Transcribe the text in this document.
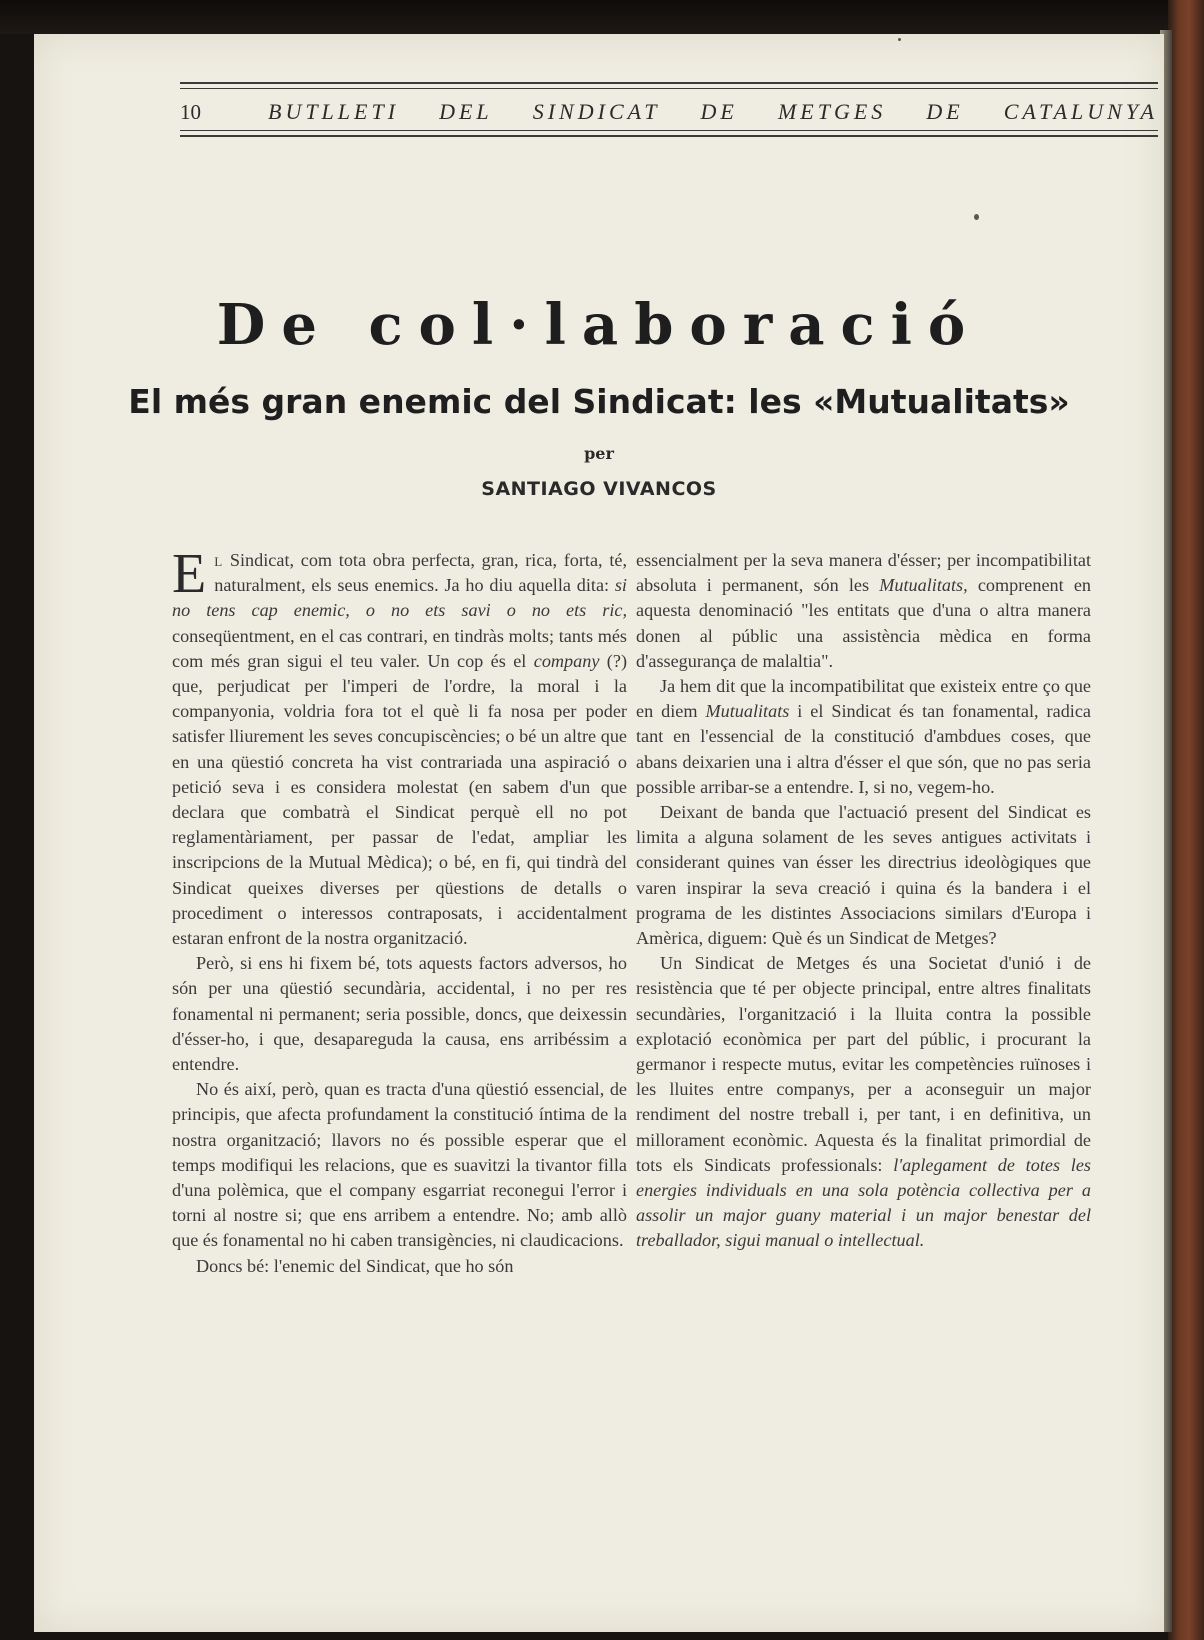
10	BUTLLETI DEL SINDICAT DE METGES DE CATALUNYA
De col·laboració
El més gran enemic del Sindicat: les «Mutualitats»
per
SANTIAGO VIVANCOS

El Sindicat, com tota obra perfecta, gran, rica, forta, té, naturalment, els seus enemics. Ja ho diu aquella dita: si no tens cap enemic, o no ets savi o no ets ric, conseqüentment, en el cas contrari, en tindràs molts; tants més com més gran sigui el teu valer. Un cop és el company (?) que, perjudicat per l'imperi de l'ordre, la moral i la companyonia, voldria fora tot el què li fa nosa per poder satisfer lliurement les seves concupiscències; o bé un altre que en una qüestió concreta ha vist contrariada una aspiració o petició seva i es considera molestat (en sabem d'un que declara que combatrà el Sindicat perquè ell no pot reglamentàriament, per passar de l'edat, ampliar les inscripcions de la Mutual Mèdica); o bé, en fi, qui tindrà del Sindicat queixes diverses per qüestions de detalls o procediment o interessos contraposats, i accidentalment estaran enfront de la nostra organització.

Però, si ens hi fixem bé, tots aquests factors adversos, ho són per una qüestió secundària, accidental, i no per res fonamental ni permanent; seria possible, doncs, que deixessin d'ésser-ho, i que, desapareguda la causa, ens arribéssim a entendre.

No és així, però, quan es tracta d'una qüestió essencial, de principis, que afecta profundament la constitució íntima de la nostra organització; llavors no és possible esperar que el temps modifiqui les relacions, que es suavitzi la tivantor filla d'una polèmica, que el company esgarriat reconegui l'error i torni al nostre si; que ens arribem a entendre. No; amb allò que és fonamental no hi caben transigències, ni claudicacions.

Doncs bé: l'enemic del Sindicat, que ho són

essencialment per la seva manera d'ésser; per incompatibilitat absoluta i permanent, són les Mutualitats, comprenent en aquesta denominació "les entitats que d'una o altra manera donen al públic una assistència mèdica en forma d'assegurança de malaltia".

Ja hem dit que la incompatibilitat que existeix entre ço que en diem Mutualitats i el Sindicat és tan fonamental, radica tant en l'essencial de la constitució d'ambdues coses, que abans deixarien una i altra d'ésser el que són, que no pas seria possible arribar-se a entendre. I, si no, vegem-ho.

Deixant de banda que l'actuació present del Sindicat es limita a alguna solament de les seves antigues activitats i considerant quines van ésser les directrius ideològiques que varen inspirar la seva creació i quina és la bandera i el programa de les distintes Associacions similars d'Europa i Amèrica, diguem: Què és un Sindicat de Metges?

Un Sindicat de Metges és una Societat d'unió i de resistència que té per objecte principal, entre altres finalitats secundàries, l'organització i la lluita contra la possible explotació econòmica per part del públic, i procurant la germanor i respecte mutus, evitar les competències ruïnoses i les lluites entre companys, per a aconseguir un major rendiment del nostre treball i, per tant, i en definitiva, un millorament econòmic. Aquesta és la finalitat primordial de tots els Sindicats professionals: l'aplegament de totes les energies individuals en una sola potència collectiva per a assolir un major guany material i un major benestar del treballador, sigui manual o intellectual.
